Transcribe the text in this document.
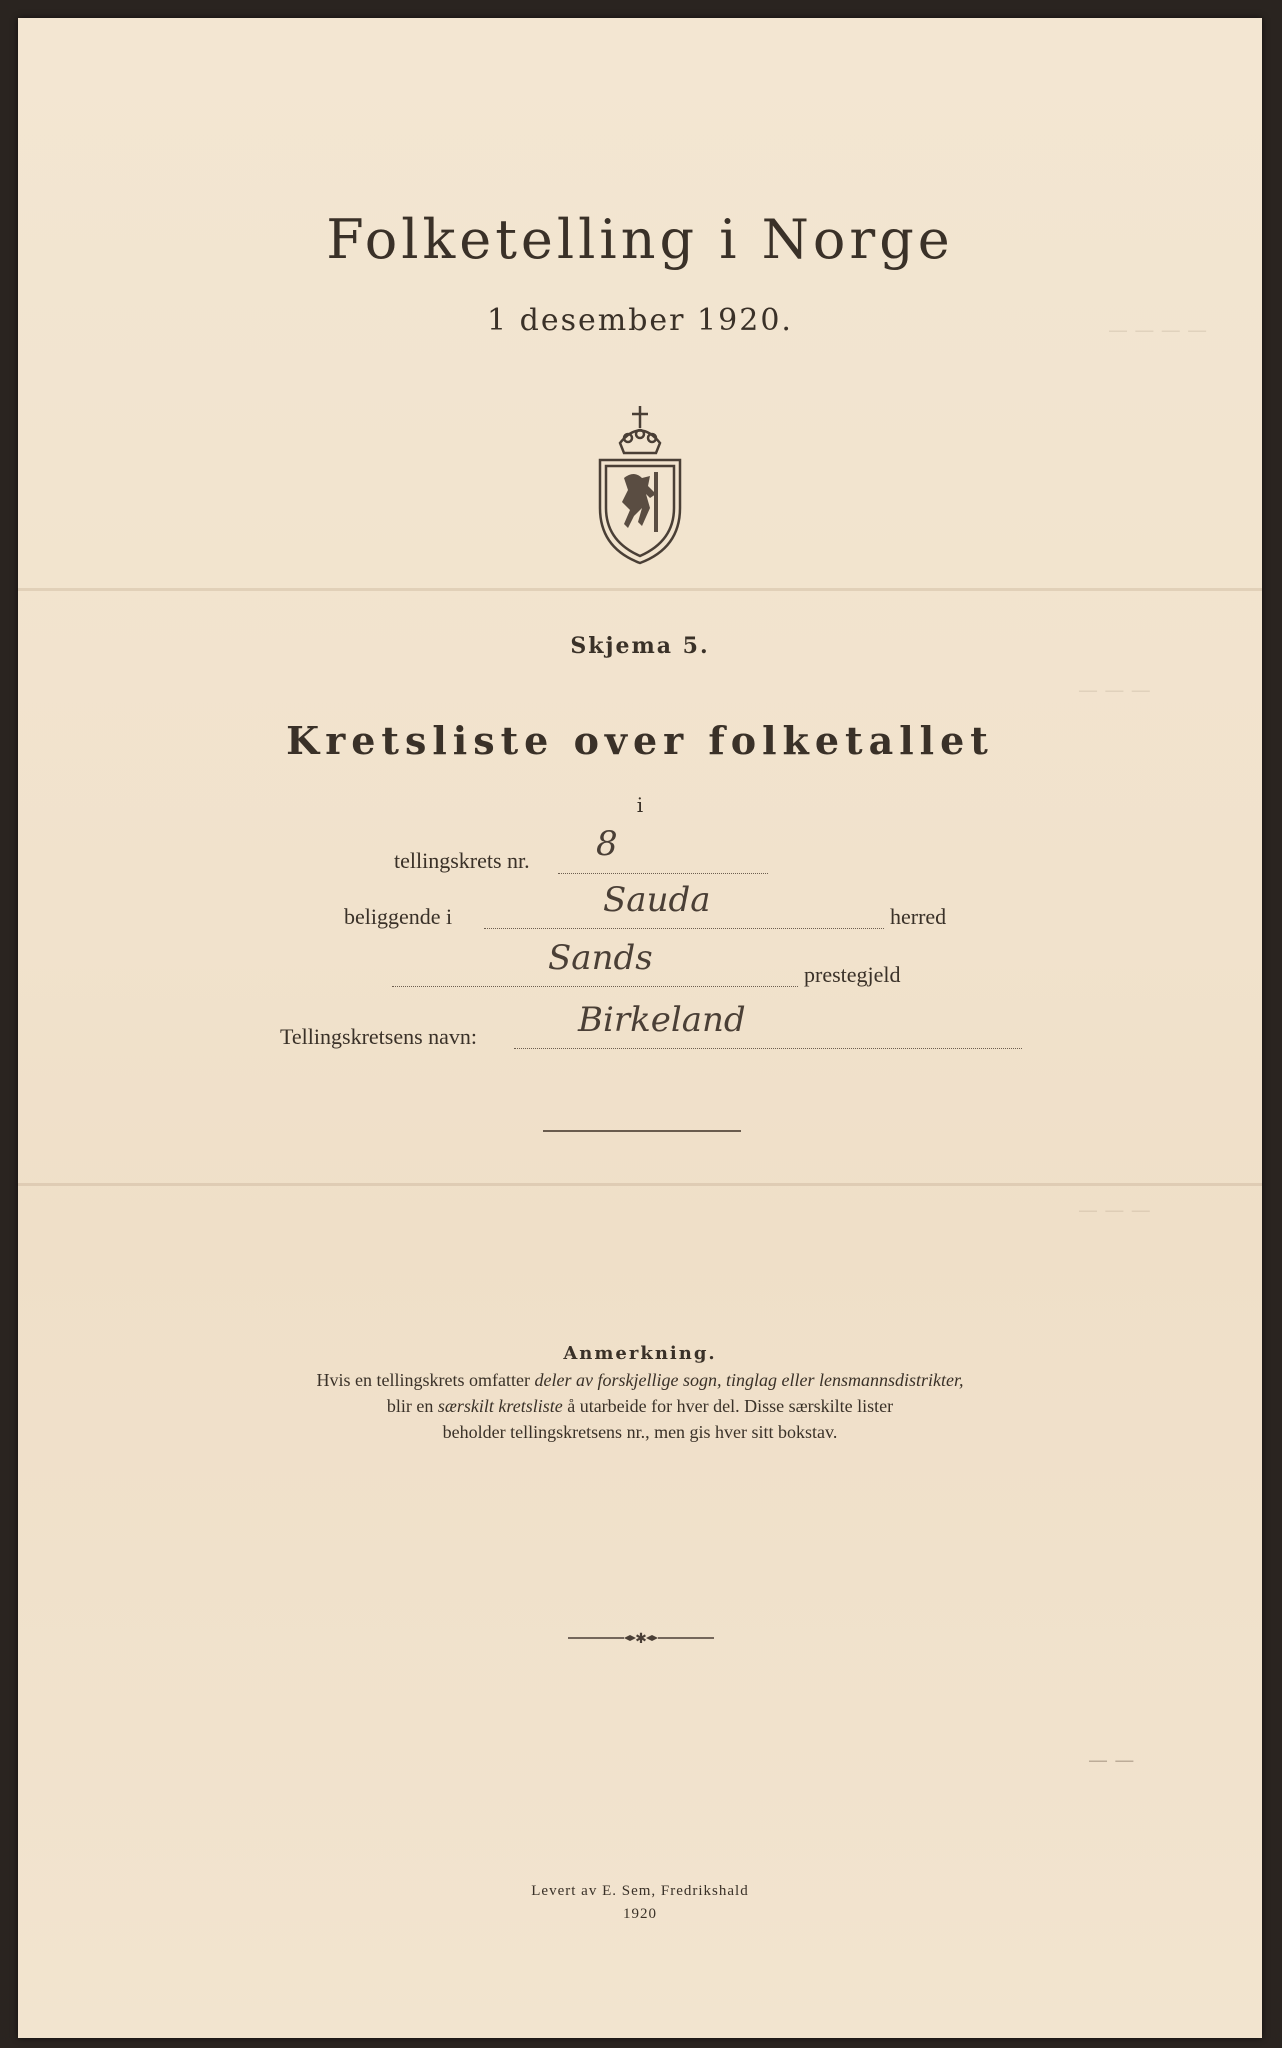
— — — —
— — —
— — —
— —
Folketelling i Norge
1 desember 1920.
Skjema 5.
Kretsliste over folketallet
i
tellingskrets nr. 8
beliggende i	Sauda	herred
Sands	prestegjeld
Tellingskretsens navn:	Birkeland
Anmerkning.
Hvis en tellingskrets omfatter deler av forskjellige sogn, tinglag eller lensmannsdistrikter,
blir en særskilt kretsliste å utarbeide for hver del. Disse særskilte lister
beholder tellingskretsens nr., men gis hver sitt bokstav.
✱
Levert av E. Sem, Fredrikshald
1920
